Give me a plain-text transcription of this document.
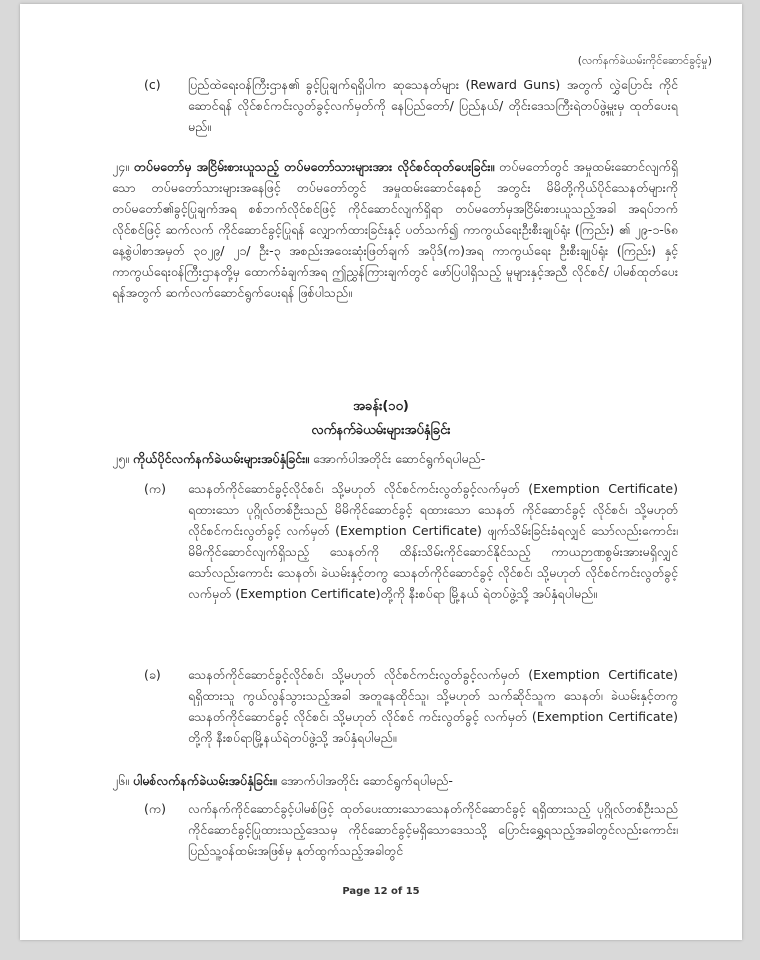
(လက်နက်ခဲယမ်းကိုင်ဆောင်ခွင့်မှု)
(c) ပြည်ထဲရေးဝန်ကြီးဌာန၏ ခွင့်ပြုချက်ရရှိပါက ဆုသေနတ်များ (Reward Guns) အတွက် လွှဲပြောင်း ကိုင်ဆောင်ရန် လိုင်စင်ကင်းလွတ်ခွင့်လက်မှတ်ကို နေပြည်တော်/ ပြည်နယ်/ တိုင်းဒေသကြီးရဲတပ်ဖွဲ့မှူးမှ ထုတ်ပေးရမည်။
၂၄။ တပ်မတော်မှ အငြိမ်းစားယူသည့် တပ်မတော်သားများအား လိုင်စင်ထုတ်ပေးခြင်း။ တပ်မတော်တွင် အမှုထမ်းဆောင်လျက်ရှိသော တပ်မတော်သားများအနေဖြင့် တပ်မတော်တွင် အမှုထမ်းဆောင်နေစဉ် အတွင်း မိမိတို့ကိုယ်ပိုင်သေနတ်များကို တပ်မတော်၏ခွင့်ပြုချက်အရ စစ်ဘက်လိုင်စင်ဖြင့် ကိုင်ဆောင်လျက်ရှိရာ တပ်မတော်မှအငြိမ်းစားယူသည့်အခါ အရပ်ဘက်လိုင်စင်ဖြင့် ဆက်လက် ကိုင်ဆောင်ခွင့်ပြုရန် လျှောက်ထားခြင်းနှင့် ပတ်သက်၍ ကာကွယ်ရေးဦးစီးချုပ်ရုံး (ကြည်း) ၏ ၂၉-၁-၆၈ နေ့စွဲပါစာအမှတ် ၃၀၂၉/ ၂၁/ ဦး-၃ အစည်းအဝေးဆုံးဖြတ်ချက် အပိုဒ်(က)အရ ကာကွယ်ရေး ဦးစီးချုပ်ရုံး (ကြည်း) နှင့် ကာကွယ်ရေးဝန်ကြီးဌာနတို့မှ ထောက်ခံချက်အရ ဤညွှန်ကြားချက်တွင် ဖော်ပြပါရှိသည့် မူများနှင့်အညီ လိုင်စင်/ ပါမစ်ထုတ်ပေးရန်အတွက် ဆက်လက်ဆောင်ရွက်ပေးရန် ဖြစ်ပါသည်။
အခန်း(၁၀)
လက်နက်ခဲယမ်းများအပ်နှံခြင်း
၂၅။ ကိုယ်ပိုင်လက်နက်ခဲယမ်းများအပ်နှံခြင်း။ အောက်ပါအတိုင်း ဆောင်ရွက်ရပါမည်-
(က) သေနတ်ကိုင်ဆောင်ခွင့်လိုင်စင်၊ သို့မဟုတ် လိုင်စင်ကင်းလွတ်ခွင့်လက်မှတ် (Exemption Certificate) ရထားသော ပုဂ္ဂိုလ်တစ်ဦးသည် မိမိကိုင်ဆောင်ခွင့် ရထားသော သေနတ် ကိုင်ဆောင်ခွင့် လိုင်စင်၊ သို့မဟုတ် လိုင်စင်ကင်းလွတ်ခွင့် လက်မှတ် (Exemption Certificate) ဖျက်သိမ်းခြင်းခံရလျှင် သော်လည်းကောင်း၊ မိမိကိုင်ဆောင်လျက်ရှိသည့် သေနတ်ကို ထိန်းသိမ်းကိုင်ဆောင်နိုင်သည့် ကာယဉာဏစွမ်းအားမရှိလျှင်သော်လည်းကောင်း သေနတ်၊ ခဲယမ်းနှင့်တကွ သေနတ်ကိုင်ဆောင်ခွင့် လိုင်စင်၊ သို့မဟုတ် လိုင်စင်ကင်းလွတ်ခွင့်လက်မှတ် (Exemption Certificate)တို့ကို နီးစပ်ရာ မြို့နယ် ရဲတပ်ဖွဲ့သို့ အပ်နှံရပါမည်။
(ခ) သေနတ်ကိုင်ဆောင်ခွင့်လိုင်စင်၊ သို့မဟုတ် လိုင်စင်ကင်းလွတ်ခွင့်လက်မှတ် (Exemption Certificate) ရရှိထားသူ ကွယ်လွန်သွားသည့်အခါ အတူနေထိုင်သူ၊ သို့မဟုတ် သက်ဆိုင်သူက သေနတ်၊ ခဲယမ်းနှင့်တကွ သေနတ်ကိုင်ဆောင်ခွင့် လိုင်စင်၊ သို့မဟုတ် လိုင်စင် ကင်းလွတ်ခွင့် လက်မှတ် (Exemption Certificate) တို့ကို နီးစပ်ရာမြို့နယ်ရဲတပ်ဖွဲ့သို့ အပ်နှံရပါမည်။
၂၆။ ပါမစ်လက်နက်ခဲယမ်းအပ်နှံခြင်း။ အောက်ပါအတိုင်း ဆောင်ရွက်ရပါမည်-
(က) လက်နက်ကိုင်ဆောင်ခွင့်ပါမစ်ဖြင့် ထုတ်ပေးထားသောသေနတ်ကိုင်ဆောင်ခွင့် ရရှိထားသည့် ပုဂ္ဂိုလ်တစ်ဦးသည် ကိုင်ဆောင်ခွင့်ပြုထားသည့်ဒေသမှ ကိုင်ဆောင်ခွင့်မရှိသောဒေသသို့ ပြောင်းရွှေ့ရသည့်အခါတွင်လည်းကောင်း၊ ပြည်သူ့ဝန်ထမ်းအဖြစ်မှ နုတ်ထွက်သည့်အခါတွင်
Page 12 of 15
